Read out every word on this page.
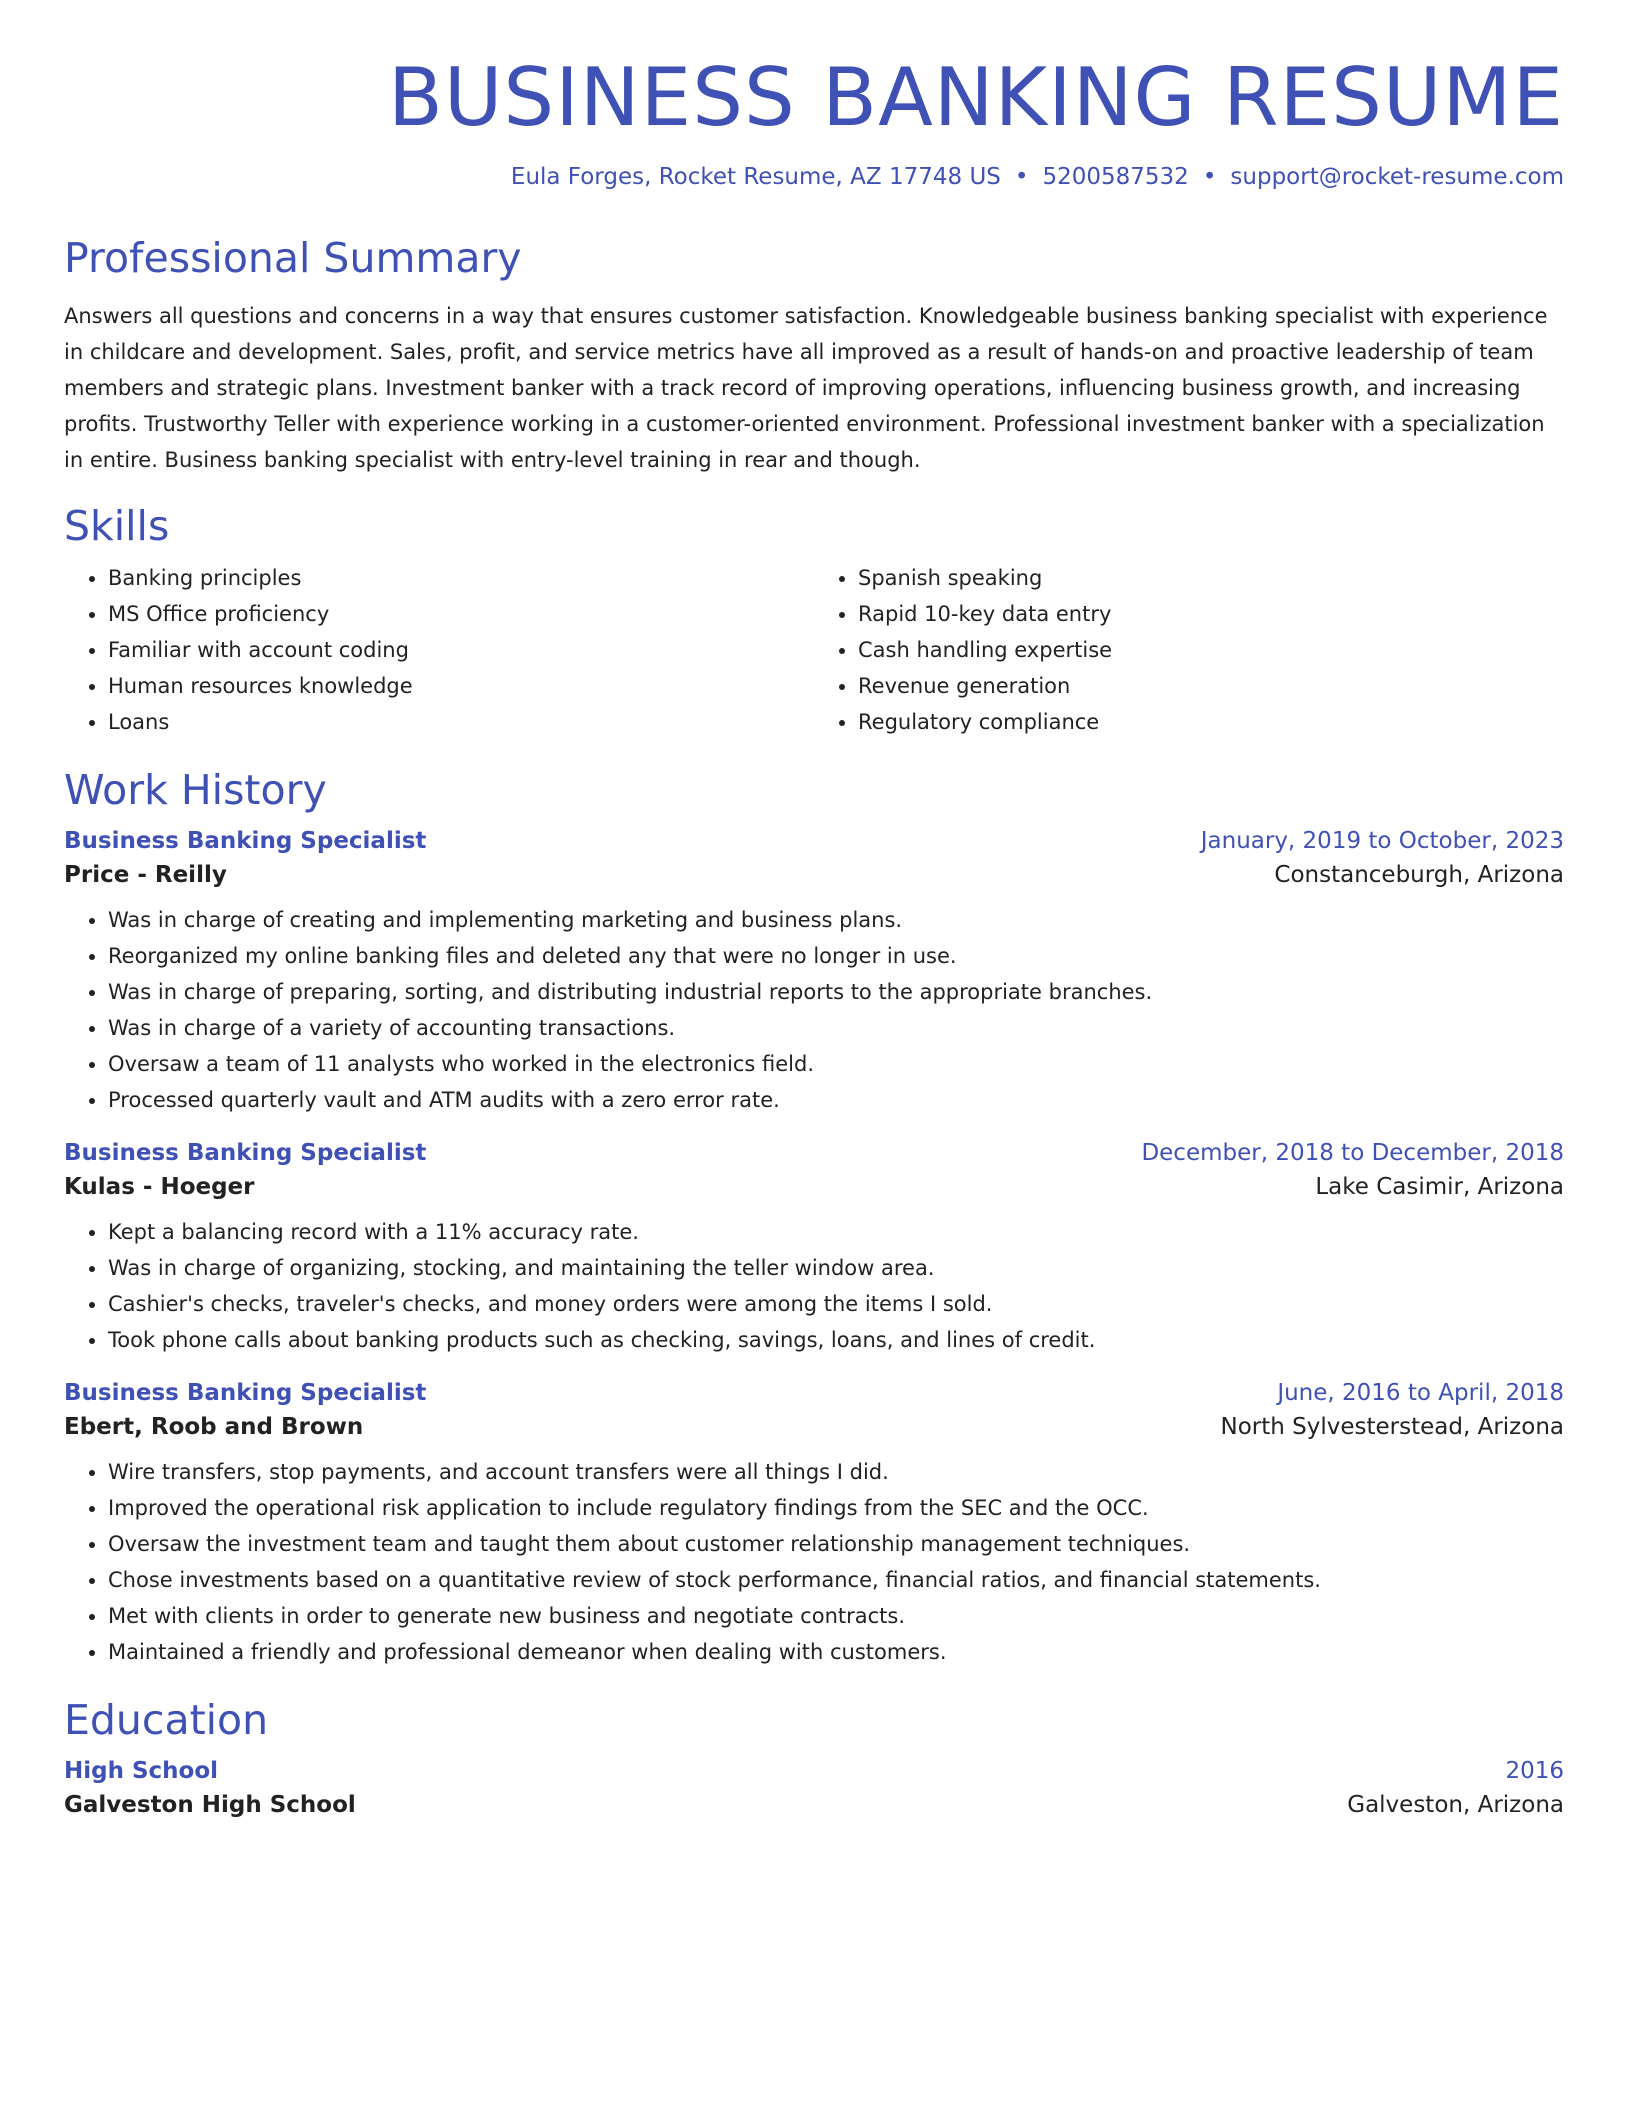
BUSINESS BANKING RESUME
Eula Forges, Rocket Resume, AZ 17748 US • 5200587532 • support@rocket-resume.com
Professional Summary
Answers all questions and concerns in a way that ensures customer satisfaction. Knowledgeable business banking specialist with experience in childcare and development. Sales, profit, and service metrics have all improved as a result of hands-on and proactive leadership of team members and strategic plans. Investment banker with a track record of improving operations, influencing business growth, and increasing profits. Trustworthy Teller with experience working in a customer-oriented environment. Professional investment banker with a specialization in entire. Business banking specialist with entry-level training in rear and though.
Skills
• Banking principles
• MS Office proficiency
• Familiar with account coding
• Human resources knowledge
• Loans
• Spanish speaking
• Rapid 10-key data entry
• Cash handling expertise
• Revenue generation
• Regulatory compliance
Work History
Business Banking Specialist	January, 2019 to October, 2023
Price - Reilly	Constanceburgh, Arizona
• Was in charge of creating and implementing marketing and business plans.
• Reorganized my online banking files and deleted any that were no longer in use.
• Was in charge of preparing, sorting, and distributing industrial reports to the appropriate branches.
• Was in charge of a variety of accounting transactions.
• Oversaw a team of 11 analysts who worked in the electronics field.
• Processed quarterly vault and ATM audits with a zero error rate.
Business Banking Specialist	December, 2018 to December, 2018
Kulas - Hoeger	Lake Casimir, Arizona
• Kept a balancing record with a 11% accuracy rate.
• Was in charge of organizing, stocking, and maintaining the teller window area.
• Cashier's checks, traveler's checks, and money orders were among the items I sold.
• Took phone calls about banking products such as checking, savings, loans, and lines of credit.
Business Banking Specialist	June, 2016 to April, 2018
Ebert, Roob and Brown	North Sylvesterstead, Arizona
• Wire transfers, stop payments, and account transfers were all things I did.
• Improved the operational risk application to include regulatory findings from the SEC and the OCC.
• Oversaw the investment team and taught them about customer relationship management techniques.
• Chose investments based on a quantitative review of stock performance, financial ratios, and financial statements.
• Met with clients in order to generate new business and negotiate contracts.
• Maintained a friendly and professional demeanor when dealing with customers.
Education
High School	2016
Galveston High School	Galveston, Arizona
